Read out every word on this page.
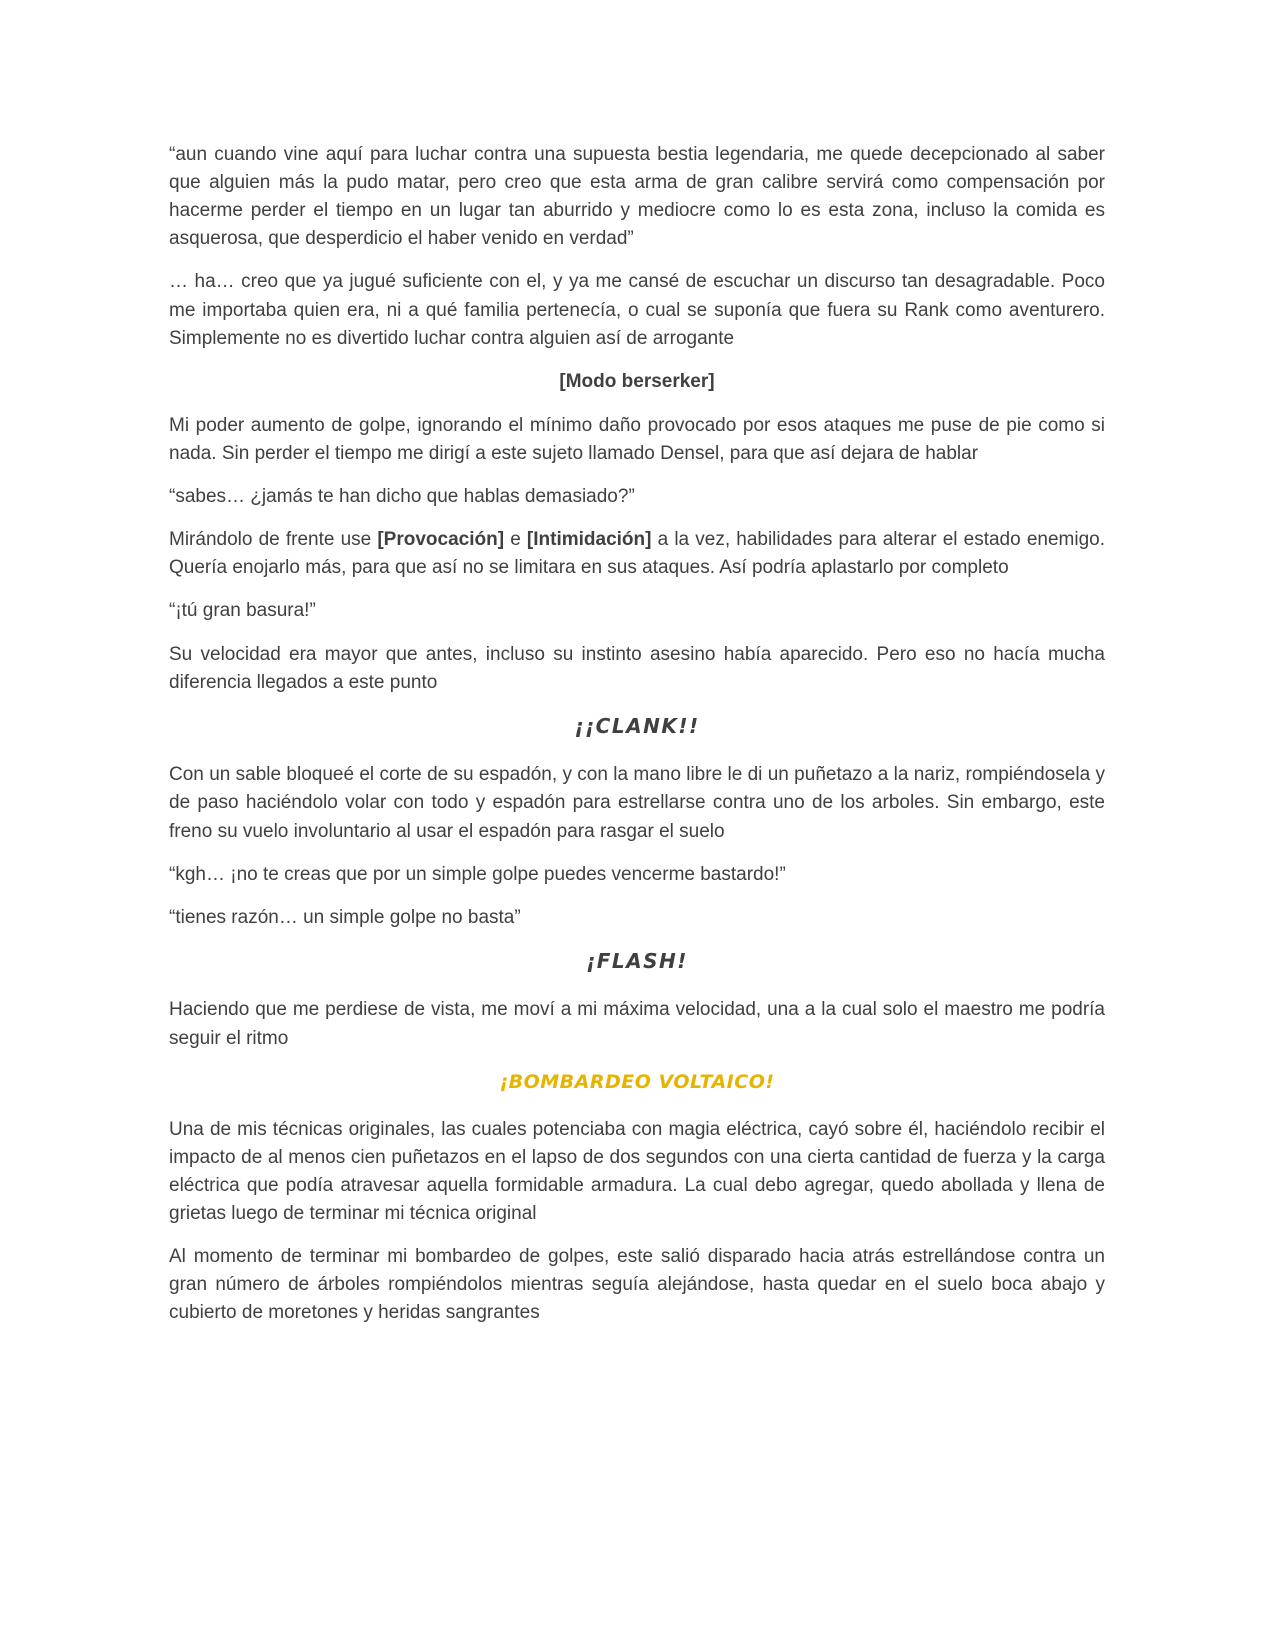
“aun cuando vine aquí para luchar contra una supuesta bestia legendaria, me quede decepcionado al saber que alguien más la pudo matar, pero creo que esta arma de gran calibre servirá como compensación por hacerme perder el tiempo en un lugar tan aburrido y mediocre como lo es esta zona, incluso la comida es asquerosa, que desperdicio el haber venido en verdad”

… ha… creo que ya jugué suficiente con el, y ya me cansé de escuchar un discurso tan desagradable. Poco me importaba quien era, ni a qué familia pertenecía, o cual se suponía que fuera su Rank como aventurero. Simplemente no es divertido luchar contra alguien así de arrogante

[Modo berserker]

Mi poder aumento de golpe, ignorando el mínimo daño provocado por esos ataques me puse de pie como si nada. Sin perder el tiempo me dirigí a este sujeto llamado Densel, para que así dejara de hablar

“sabes… ¿jamás te han dicho que hablas demasiado?”

Mirándolo de frente use [Provocación] e [Intimidación] a la vez, habilidades para alterar el estado enemigo. Quería enojarlo más, para que así no se limitara en sus ataques. Así podría aplastarlo por completo

“¡tú gran basura!”

Su velocidad era mayor que antes, incluso su instinto asesino había aparecido. Pero eso no hacía mucha diferencia llegados a este punto

¡¡CLANK!!

Con un sable bloqueé el corte de su espadón, y con la mano libre le di un puñetazo a la nariz, rompiéndosela y de paso haciéndolo volar con todo y espadón para estrellarse contra uno de los arboles. Sin embargo, este freno su vuelo involuntario al usar el espadón para rasgar el suelo

“kgh… ¡no te creas que por un simple golpe puedes vencerme bastardo!”

“tienes razón… un simple golpe no basta”

¡FLASH!

Haciendo que me perdiese de vista, me moví a mi máxima velocidad, una a la cual solo el maestro me podría seguir el ritmo

¡BOMBARDEO VOLTAICO!

Una de mis técnicas originales, las cuales potenciaba con magia eléctrica, cayó sobre él, haciéndolo recibir el impacto de al menos cien puñetazos en el lapso de dos segundos con una cierta cantidad de fuerza y la carga eléctrica que podía atravesar aquella formidable armadura. La cual debo agregar, quedo abollada y llena de grietas luego de terminar mi técnica original

Al momento de terminar mi bombardeo de golpes, este salió disparado hacia atrás estrellándose contra un gran número de árboles rompiéndolos mientras seguía alejándose, hasta quedar en el suelo boca abajo y cubierto de moretones y heridas sangrantes
